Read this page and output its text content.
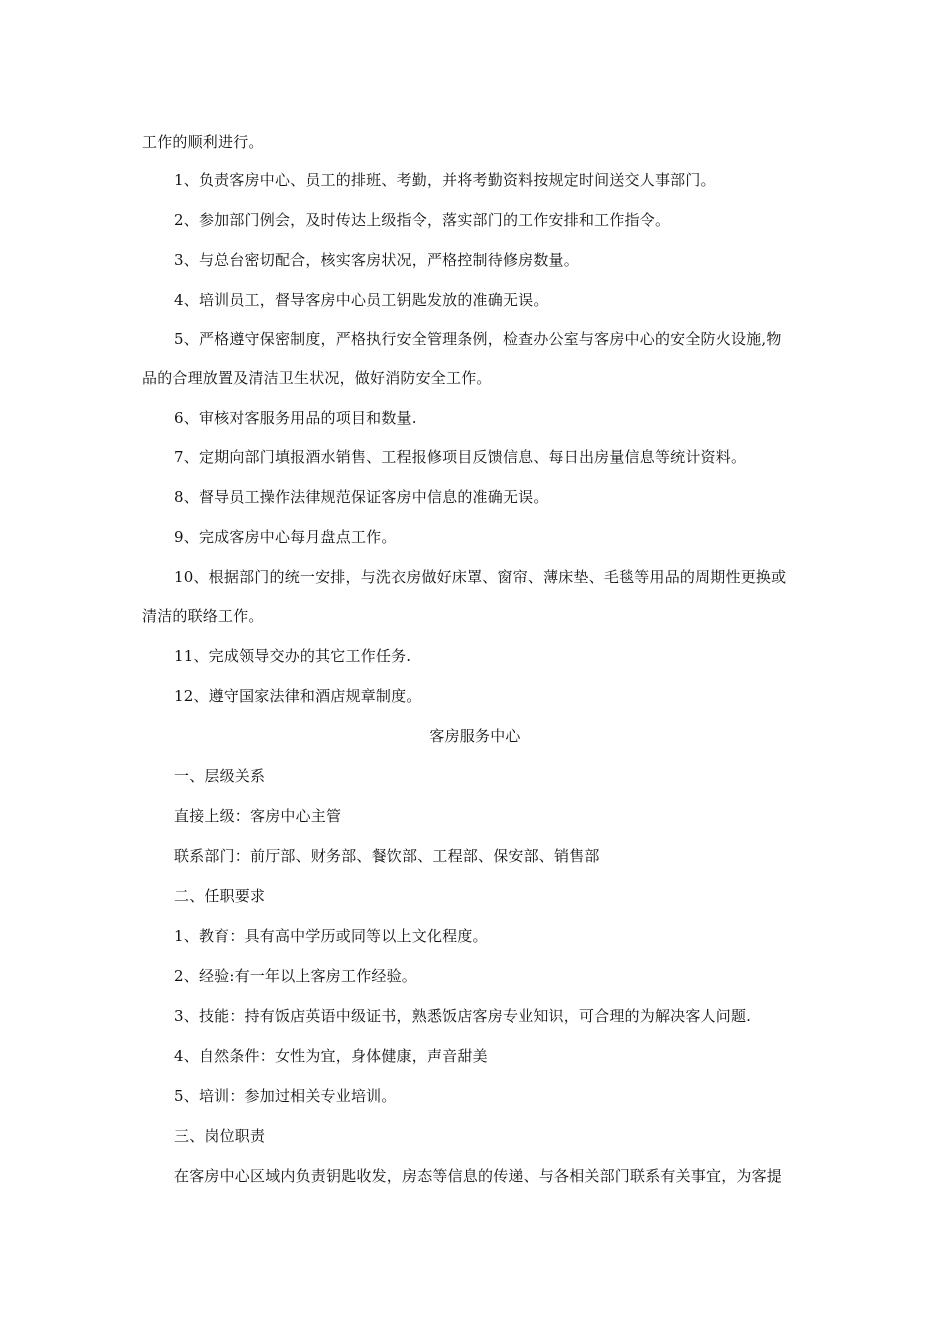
工作的顺利进行。
1、负责客房中心、员工的排班、考勤，并将考勤资料按规定时间送交人事部门。
2、参加部门例会，及时传达上级指令，落实部门的工作安排和工作指令。
3、与总台密切配合，核实客房状况，严格控制待修房数量。
4、培训员工，督导客房中心员工钥匙发放的准确无误。
5、严格遵守保密制度，严格执行安全管理条例，检查办公室与客房中心的安全防火设施,物
品的合理放置及清洁卫生状况，做好消防安全工作。
6、审核对客服务用品的项目和数量.
7、定期向部门填报酒水销售、工程报修项目反馈信息、每日出房量信息等统计资料。
8、督导员工操作法律规范保证客房中信息的准确无误。
9、完成客房中心每月盘点工作。
10、根据部门的统一安排，与洗衣房做好床罩、窗帘、薄床垫、毛毯等用品的周期性更换或
清洁的联络工作。
11、完成领导交办的其它工作任务.
12、遵守国家法律和酒店规章制度。
客房服务中心
一、层级关系
直接上级：客房中心主管
联系部门：前厅部、财务部、餐饮部、工程部、保安部、销售部
二、任职要求
1、教育：具有高中学历或同等以上文化程度。
2、经验:有一年以上客房工作经验。
3、技能：持有饭店英语中级证书，熟悉饭店客房专业知识，可合理的为解决客人问题.
4、自然条件：女性为宜，身体健康，声音甜美
5、培训：参加过相关专业培训。
三、岗位职责
在客房中心区域内负责钥匙收发，房态等信息的传递、与各相关部门联系有关事宜，为客提
